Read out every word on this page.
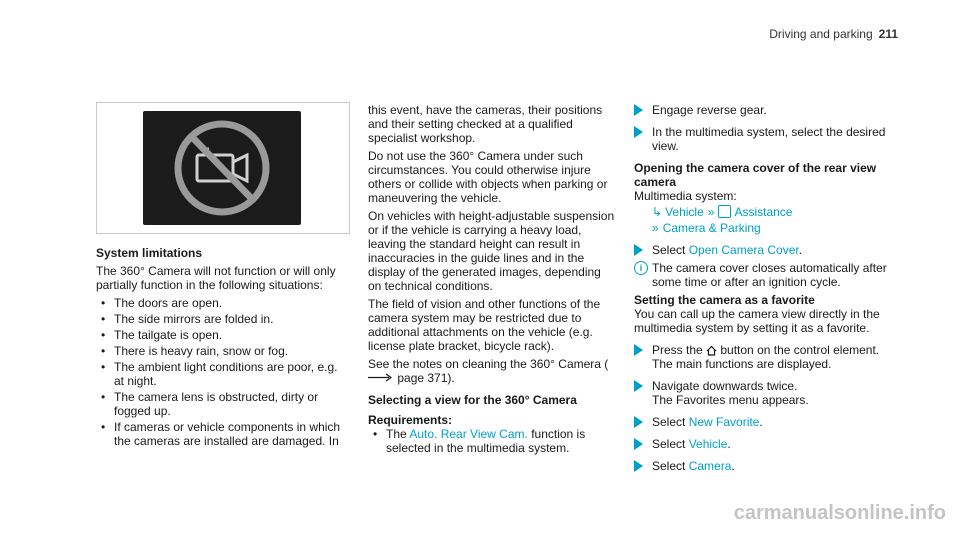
Driving and parking 211
System limitations

The 360° Camera will not function or will only partially function in the following situations:

• The doors are open.
• The side mirrors are folded in.
• The tailgate is open.
• There is heavy rain, snow or fog.
• The ambient light conditions are poor, e.g. at night.
• The camera lens is obstructed, dirty or fogged up.
• If cameras or vehicle components in which the cameras are installed are damaged. In

this event, have the cameras, their positions and their setting checked at a qualified specialist workshop.

Do not use the 360° Camera under such circumstances. You could otherwise injure others or collide with objects when parking or maneuvering the vehicle.

On vehicles with height-adjustable suspension or if the vehicle is carrying a heavy load, leaving the standard height can result in inaccuracies in the guide lines and in the display of the generated images, depending on technical conditions.

The field of vision and other functions of the camera system may be restricted due to additional attachments on the vehicle (e.g. license plate bracket, bicycle rack).

See the notes on cleaning the 360° Camera ( page 371).

Selecting a view for the 360° Camera
Requirements:
• The Auto. Rear View Cam. function is selected in the multimedia system.
Engage reverse gear.
In the multimedia system, select the desired view.
Opening the camera cover of the rear view camera

Multimedia system:

↳ Vehicle » Assistance
» Camera & Parking
Select Open Camera Cover.
i The camera cover closes automatically after some time or after an ignition cycle.
Setting the camera as a favorite

You can call up the camera view directly in the multimedia system by setting it as a favorite.

Press the  button on the control element.
The main functions are displayed.
Navigate downwards twice.
The Favorites menu appears.
Select New Favorite.
Select Vehicle.
Select Camera.
carmanualsonline.info
